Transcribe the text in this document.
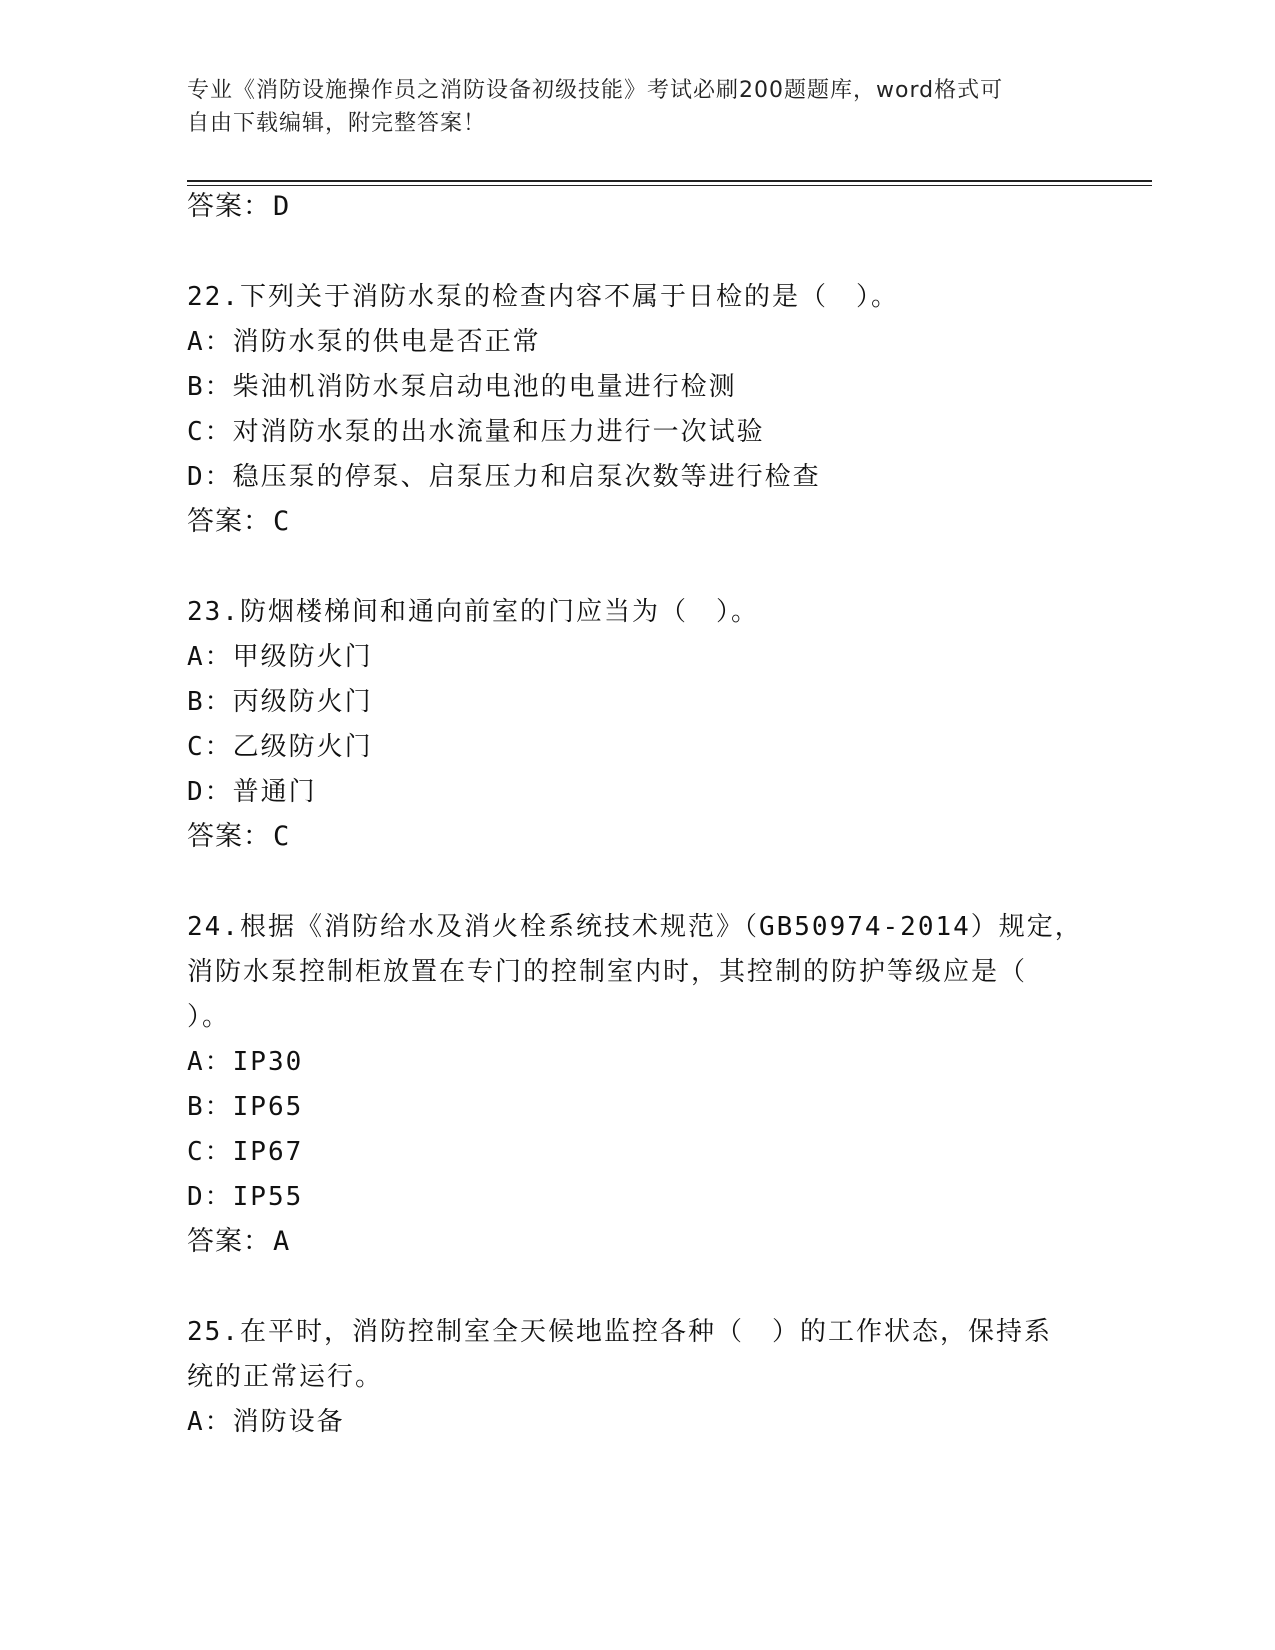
专业《消防设施操作员之消防设备初级技能》考试必刷200题题库，word格式可
自由下载编辑，附完整答案！
答案：D
22.下列关于消防水泵的检查内容不属于日检的是（　）。
A：消防水泵的供电是否正常
B：柴油机消防水泵启动电池的电量进行检测
C：对消防水泵的出水流量和压力进行一次试验
D：稳压泵的停泵、启泵压力和启泵次数等进行检查
答案：C
23.防烟楼梯间和通向前室的门应当为（　）。
A：甲级防火门
B：丙级防火门
C：乙级防火门
D：普通门
答案：C
24.根据《消防给水及消火栓系统技术规范》（GB50974-2014）规定，
消防水泵控制柜放置在专门的控制室内时，其控制的防护等级应是（
）。
A：IP30
B：IP65
C：IP67
D：IP55
答案：A
25.在平时，消防控制室全天候地监控各种（　）的工作状态，保持系
统的正常运行。
A：消防设备
